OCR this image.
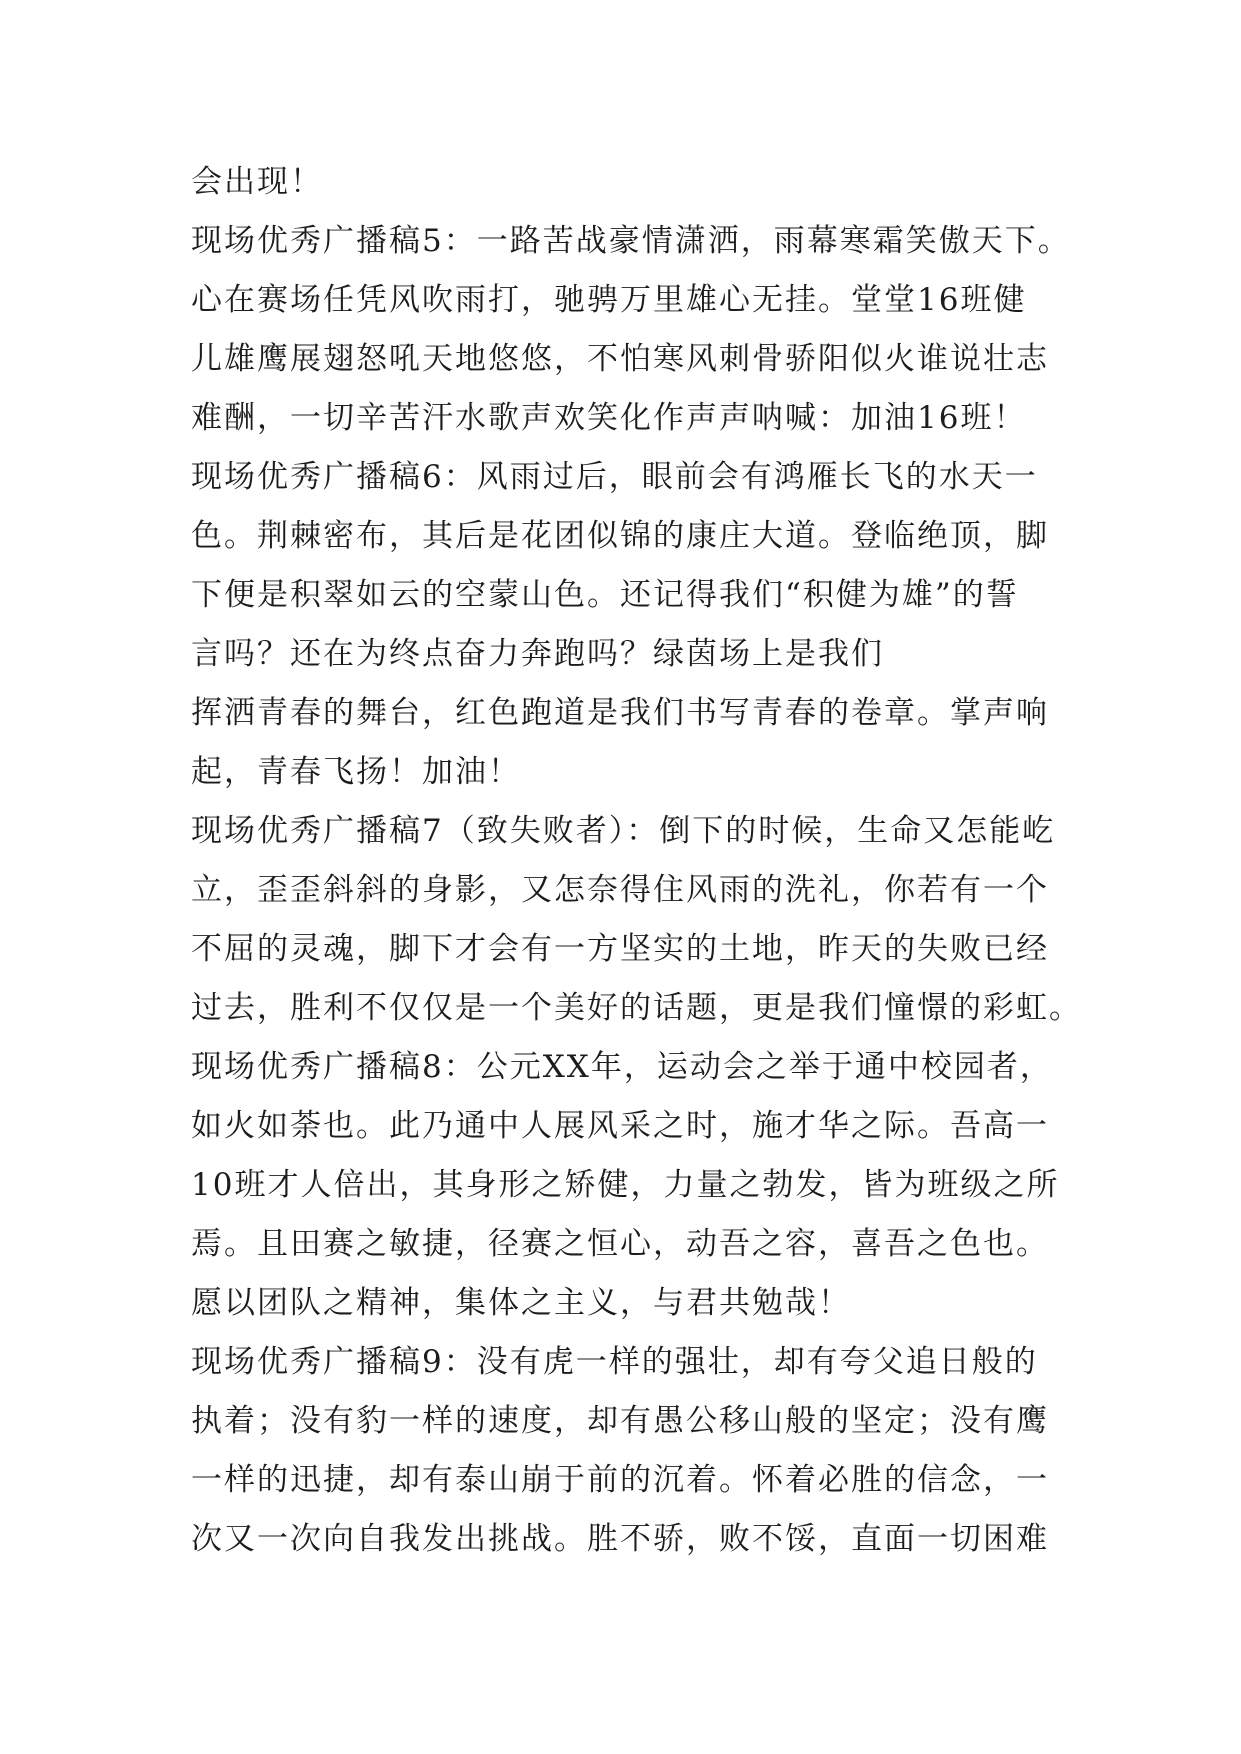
会出现！
现场优秀广播稿5：一路苦战豪情潇洒，雨幕寒霜笑傲天下。
心在赛场任凭风吹雨打，驰骋万里雄心无挂。堂堂16班健
儿雄鹰展翅怒吼天地悠悠，不怕寒风刺骨骄阳似火谁说壮志
难酬，一切辛苦汗水歌声欢笑化作声声呐喊：加油16班！
现场优秀广播稿6：风雨过后，眼前会有鸿雁长飞的水天一
色。荆棘密布，其后是花团似锦的康庄大道。登临绝顶，脚
下便是积翠如云的空蒙山色。还记得我们“积健为雄”的誓
言吗？还在为终点奋力奔跑吗？绿茵场上是我们
挥洒青春的舞台，红色跑道是我们书写青春的卷章。掌声响
起，青春飞扬！加油！
现场优秀广播稿7（致失败者）：倒下的时候，生命又怎能屹
立，歪歪斜斜的身影，又怎奈得住风雨的洗礼，你若有一个
不屈的灵魂，脚下才会有一方坚实的土地，昨天的失败已经
过去，胜利不仅仅是一个美好的话题，更是我们憧憬的彩虹。
现场优秀广播稿8：公元XX年，运动会之举于通中校园者，
如火如荼也。此乃通中人展风采之时，施才华之际。吾高一
10班才人倍出，其身形之矫健，力量之勃发，皆为班级之所
焉。且田赛之敏捷，径赛之恒心，动吾之容，喜吾之色也。
愿以团队之精神，集体之主义，与君共勉哉！
现场优秀广播稿9：没有虎一样的强壮，却有夸父追日般的
执着；没有豹一样的速度，却有愚公移山般的坚定；没有鹰
一样的迅捷，却有泰山崩于前的沉着。怀着必胜的信念，一
次又一次向自我发出挑战。胜不骄，败不馁，直面一切困难
